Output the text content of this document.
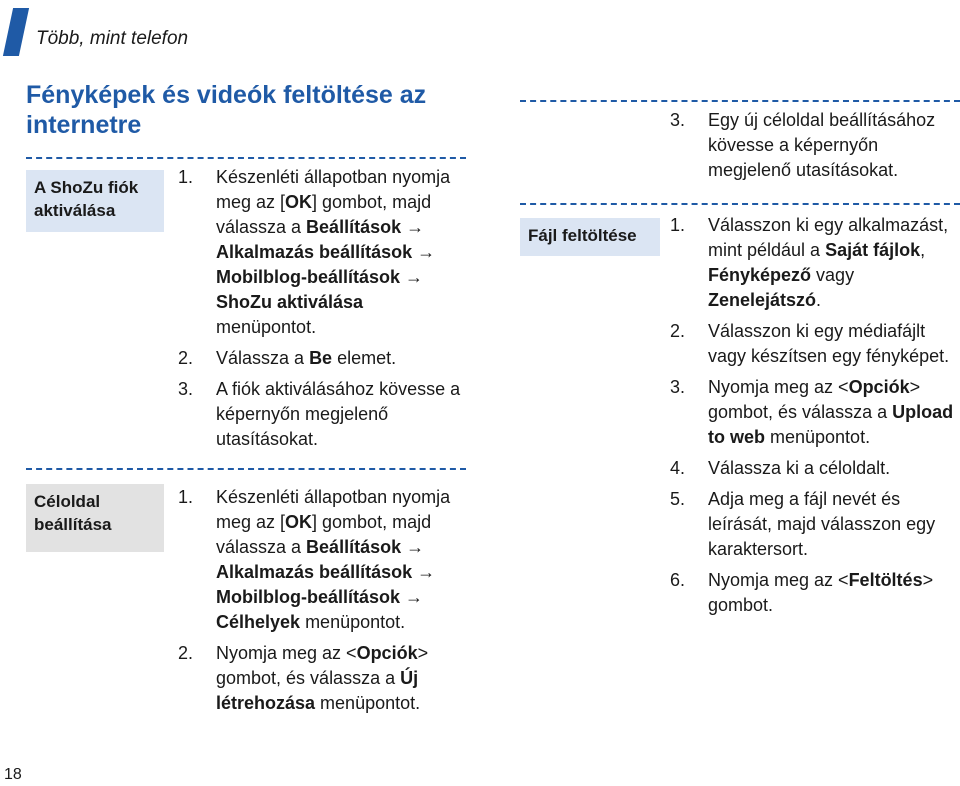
Több, mint telefon
Fényképek és videók feltöltése az internetre
A ShoZu fiók aktiválása
1. Készenléti állapotban nyomja meg az [OK] gombot, majd válassza a Beállítások → Alkalmazás beállítások → Mobilblog-beállítások → ShoZu aktiválása menüpontot.
2. Válassza a Be elemet.
3. A fiók aktiválásához kövesse a képernyőn megjelenő utasításokat.
Céloldal beállítása
1. Készenléti állapotban nyomja meg az [OK] gombot, majd válassza a Beállítások → Alkalmazás beállítások → Mobilblog-beállítások → Célhelyek menüpontot.
2. Nyomja meg az <Opciók> gombot, és válassza a Új létrehozása menüpontot.
3. Egy új céloldal beállításához kövesse a képernyőn megjelenő utasításokat.
Fájl feltöltése
1. Válasszon ki egy alkalmazást, mint például a Saját fájlok, Fényképező vagy Zenelejátszó.
2. Válasszon ki egy médiafájlt vagy készítsen egy fényképet.
3. Nyomja meg az <Opciók> gombot, és válassza a Upload to web menüpontot.
4. Válassza ki a céloldalt.
5. Adja meg a fájl nevét és leírását, majd válasszon egy karaktersort.
6. Nyomja meg az <Feltöltés> gombot.
18
